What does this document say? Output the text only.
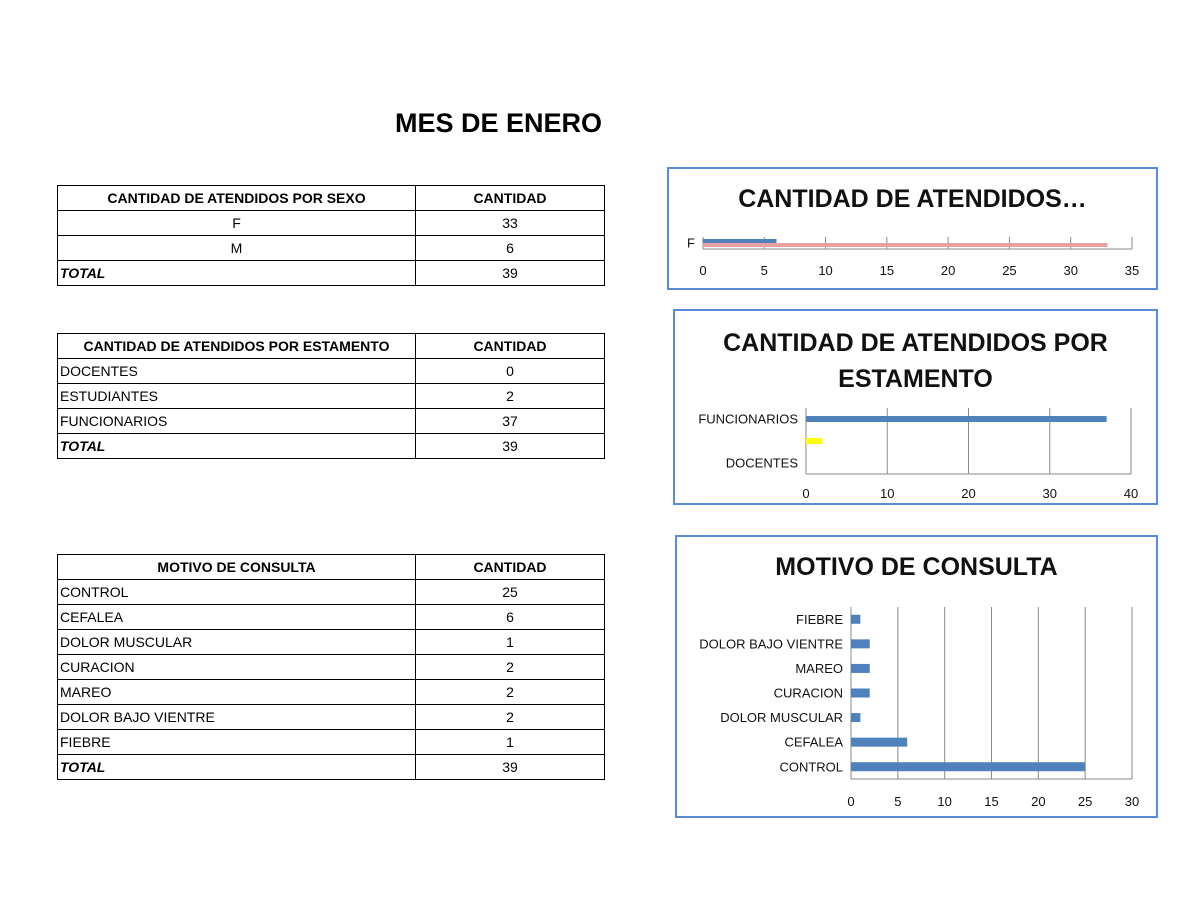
MES DE ENERO
CANTIDAD DE ATENDIDOS POR SEXO	CANTIDAD
F	33
M	6
TOTAL	39
CANTIDAD DE ATENDIDOS POR ESTAMENTO	CANTIDAD
DOCENTES	0
ESTUDIANTES	2
FUNCIONARIOS	37
TOTAL	39
MOTIVO DE CONSULTA	CANTIDAD
CONTROL	25
CEFALEA	6
DOLOR MUSCULAR	1
CURACION	2
MAREO	2
DOLOR BAJO VIENTRE	2
FIEBRE	1
TOTAL	39
CANTIDAD DE ATENDIDOS…
0	5	10	15	20	25	30	35
F
CANTIDAD DE ATENDIDOS POR ESTAMENTO
0	10	20	30	40
DOCENTES
FUNCIONARIOS
MOTIVO DE CONSULTA
0	5	10 15 20 25 30
CONTROL
CEFALEA
DOLOR MUSCULAR
CURACION
MAREO
DOLOR BAJO VIENTRE
FIEBRE
